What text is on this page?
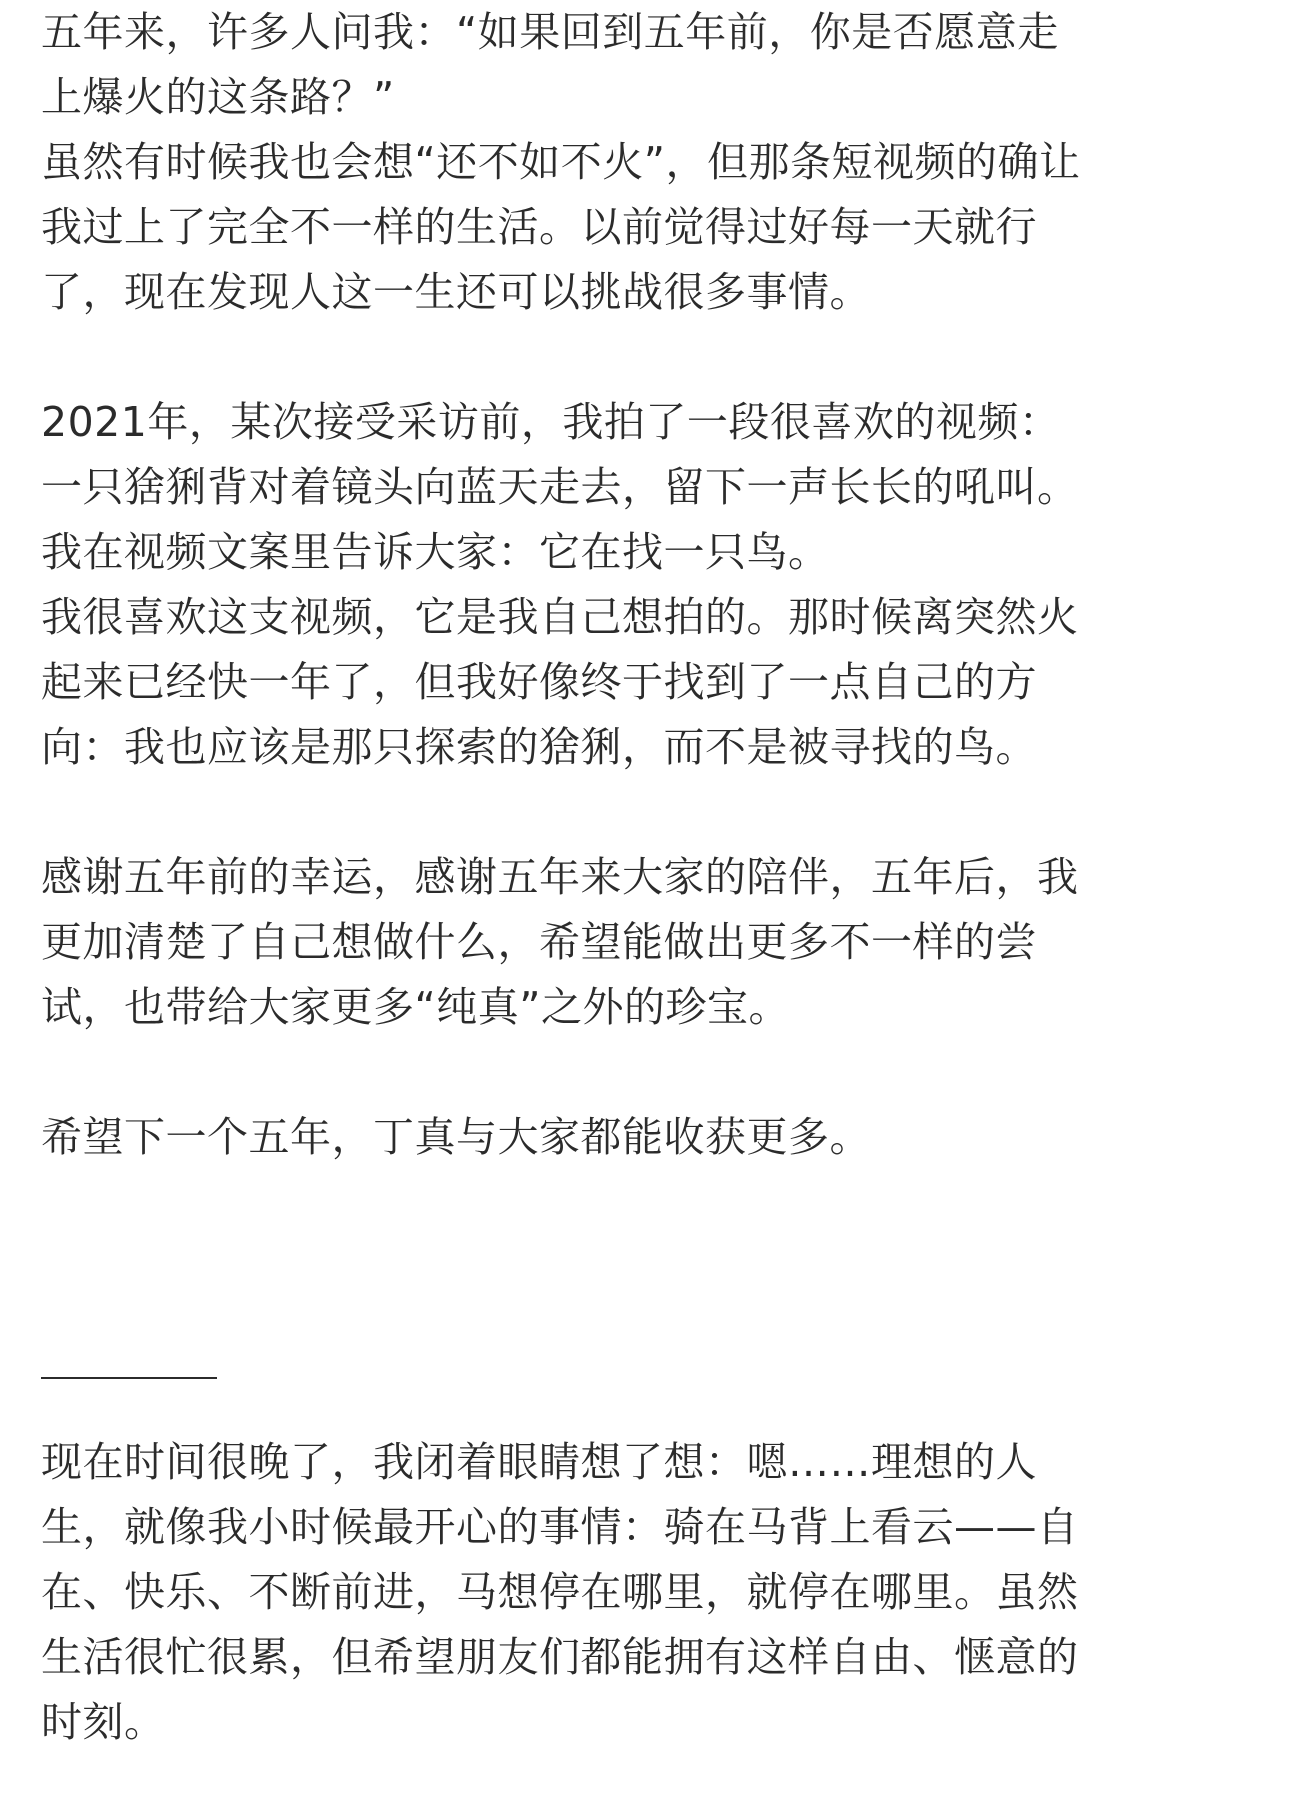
五年来，许多人问我：“如果回到五年前，你是否愿意走
上爆火的这条路？”
虽然有时候我也会想“还不如不火”，但那条短视频的确让
我过上了完全不一样的生活。以前觉得过好每一天就行
了，现在发现人这一生还可以挑战很多事情。
2021年，某次接受采访前，我拍了一段很喜欢的视频：
一只猞猁背对着镜头向蓝天走去，留下一声长长的吼叫。
我在视频文案里告诉大家：它在找一只鸟。
我很喜欢这支视频，它是我自己想拍的。那时候离突然火
起来已经快一年了，但我好像终于找到了一点自己的方
向：我也应该是那只探索的猞猁，而不是被寻找的鸟。
感谢五年前的幸运，感谢五年来大家的陪伴，五年后，我
更加清楚了自己想做什么，希望能做出更多不一样的尝
试，也带给大家更多“纯真”之外的珍宝。
希望下一个五年，丁真与大家都能收获更多。
现在时间很晚了，我闭着眼睛想了想：嗯……理想的人
生，就像我小时候最开心的事情：骑在马背上看云——自
在、快乐、不断前进，马想停在哪里，就停在哪里。虽然
生活很忙很累，但希望朋友们都能拥有这样自由、惬意的
时刻。
